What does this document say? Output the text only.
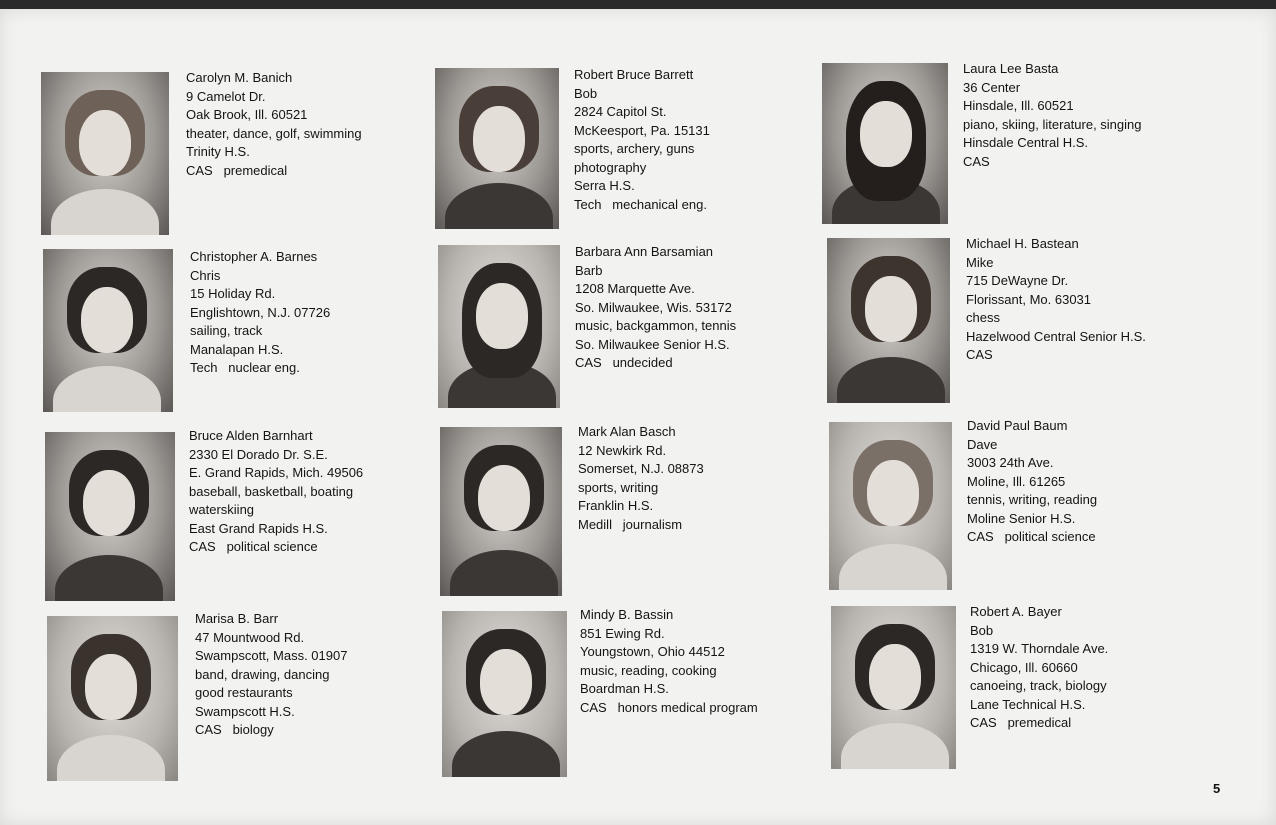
Carolyn M. Banich
9 Camelot Dr.
Oak Brook, Ill. 60521
theater, dance, golf, swimming
Trinity H.S.
CAS   premedical
Robert Bruce Barrett
Bob
2824 Capitol St.
McKeesport, Pa. 15131
sports, archery, guns
photography
Serra H.S.
Tech   mechanical eng.
Laura Lee Basta
36 Center
Hinsdale, Ill. 60521
piano, skiing, literature, singing
Hinsdale Central H.S.
CAS
Christopher A. Barnes
Chris
15 Holiday Rd.
Englishtown, N.J. 07726
sailing, track
Manalapan H.S.
Tech   nuclear eng.
Barbara Ann Barsamian
Barb
1208 Marquette Ave.
So. Milwaukee, Wis. 53172
music, backgammon, tennis
So. Milwaukee Senior H.S.
CAS   undecided
Michael H. Bastean
Mike
715 DeWayne Dr.
Florissant, Mo. 63031
chess
Hazelwood Central Senior H.S.
CAS
Bruce Alden Barnhart
2330 El Dorado Dr. S.E.
E. Grand Rapids, Mich. 49506
baseball, basketball, boating
waterskiing
East Grand Rapids H.S.
CAS   political science
Mark Alan Basch
12 Newkirk Rd.
Somerset, N.J. 08873
sports, writing
Franklin H.S.
Medill   journalism
David Paul Baum
Dave
3003 24th Ave.
Moline, Ill. 61265
tennis, writing, reading
Moline Senior H.S.
CAS   political science
Marisa B. Barr
47 Mountwood Rd.
Swampscott, Mass. 01907
band, drawing, dancing
good restaurants
Swampscott H.S.
CAS   biology
Mindy B. Bassin
851 Ewing Rd.
Youngstown, Ohio 44512
music, reading, cooking
Boardman H.S.
CAS   honors medical program
Robert A. Bayer
Bob
1319 W. Thorndale Ave.
Chicago, Ill. 60660
canoeing, track, biology
Lane Technical H.S.
CAS   premedical
5
